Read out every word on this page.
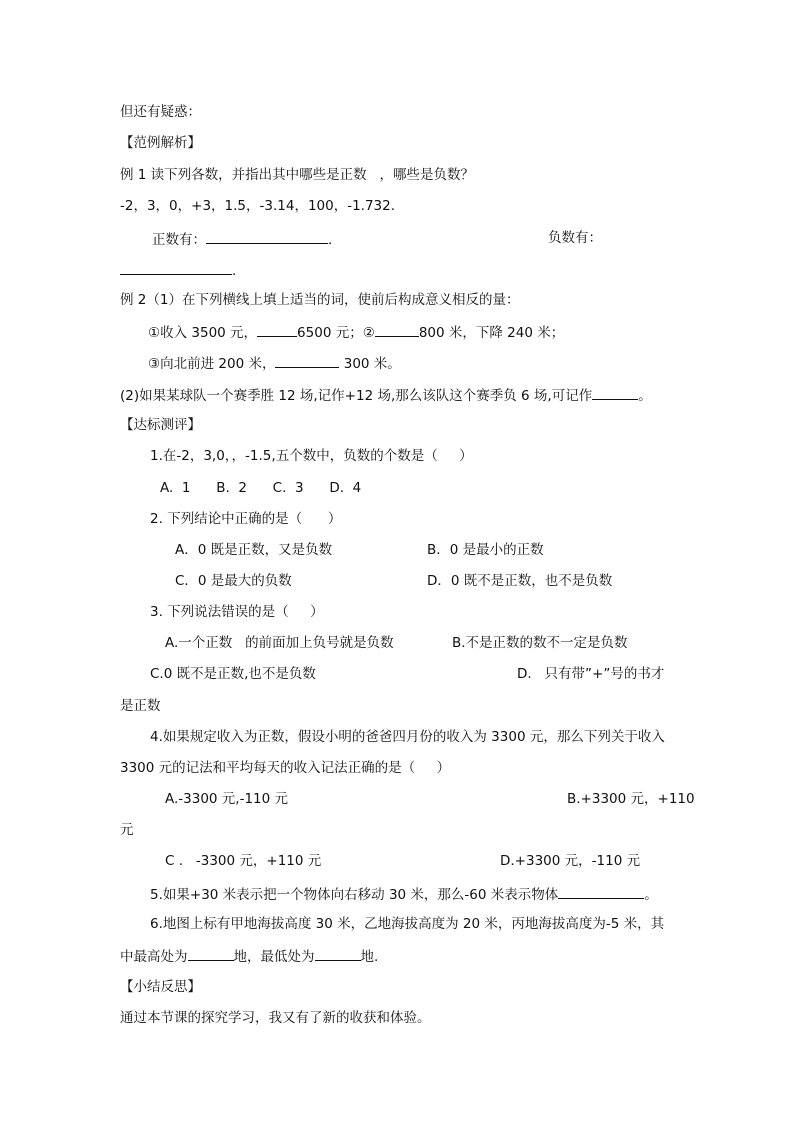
但还有疑惑：
【范例解析】
例 1 读下列各数，并指出其中哪些是正数   ，哪些是负数？
-2，3，0，+3，1.5，-3.14，100，-1.732.
正数有：	.	负数有：
.
例 2（1）在下列横线上填上适当的词，使前后构成意义相反的量：
①收入 3500 元，	6500 元；②	800 米，下降 240 米；
③向北前进 200 米，	300 米。
(2)如果某球队一个赛季胜 12 场,记作+12 场,那么该队这个赛季负 6 场,可记作	。
【达标测评】
1.在-2，3,0，，-1.5,五个数中，负数的个数是（     ）
A.  1      B.  2      C.  3      D.  4
2. 下列结论中正确的是（      ）
A．0 既是正数，又是负数	B．0 是最小的正数
C．0 是最大的负数	D．0 既不是正数，也不是负数
3. 下列说法错误的是（     ）
A.一个正数   的前面加上负号就是负数	B.不是正数的数不一定是负数
C.0 既不是正数,也不是负数	D.   只有带”+”号的书才
是正数
4.如果规定收入为正数，假设小明的爸爸四月份的收入为 3300 元，那么下列关于收入
3300 元的记法和平均每天的收入记法正确的是（     ）
A.-3300 元,-110 元	B.+3300 元，+110
元
C .   -3300 元，+110 元	D.+3300 元，-110 元
5.如果+30 米表示把一个物体向右移动 30 米，那么-60 米表示物体	。
6.地图上标有甲地海拔高度 30 米，乙地海拔高度为 20 米，丙地海拔高度为-5 米，其
中最高处为	地，最低处为	地.
【小结反思】
通过本节课的探究学习，我又有了新的收获和体验。
